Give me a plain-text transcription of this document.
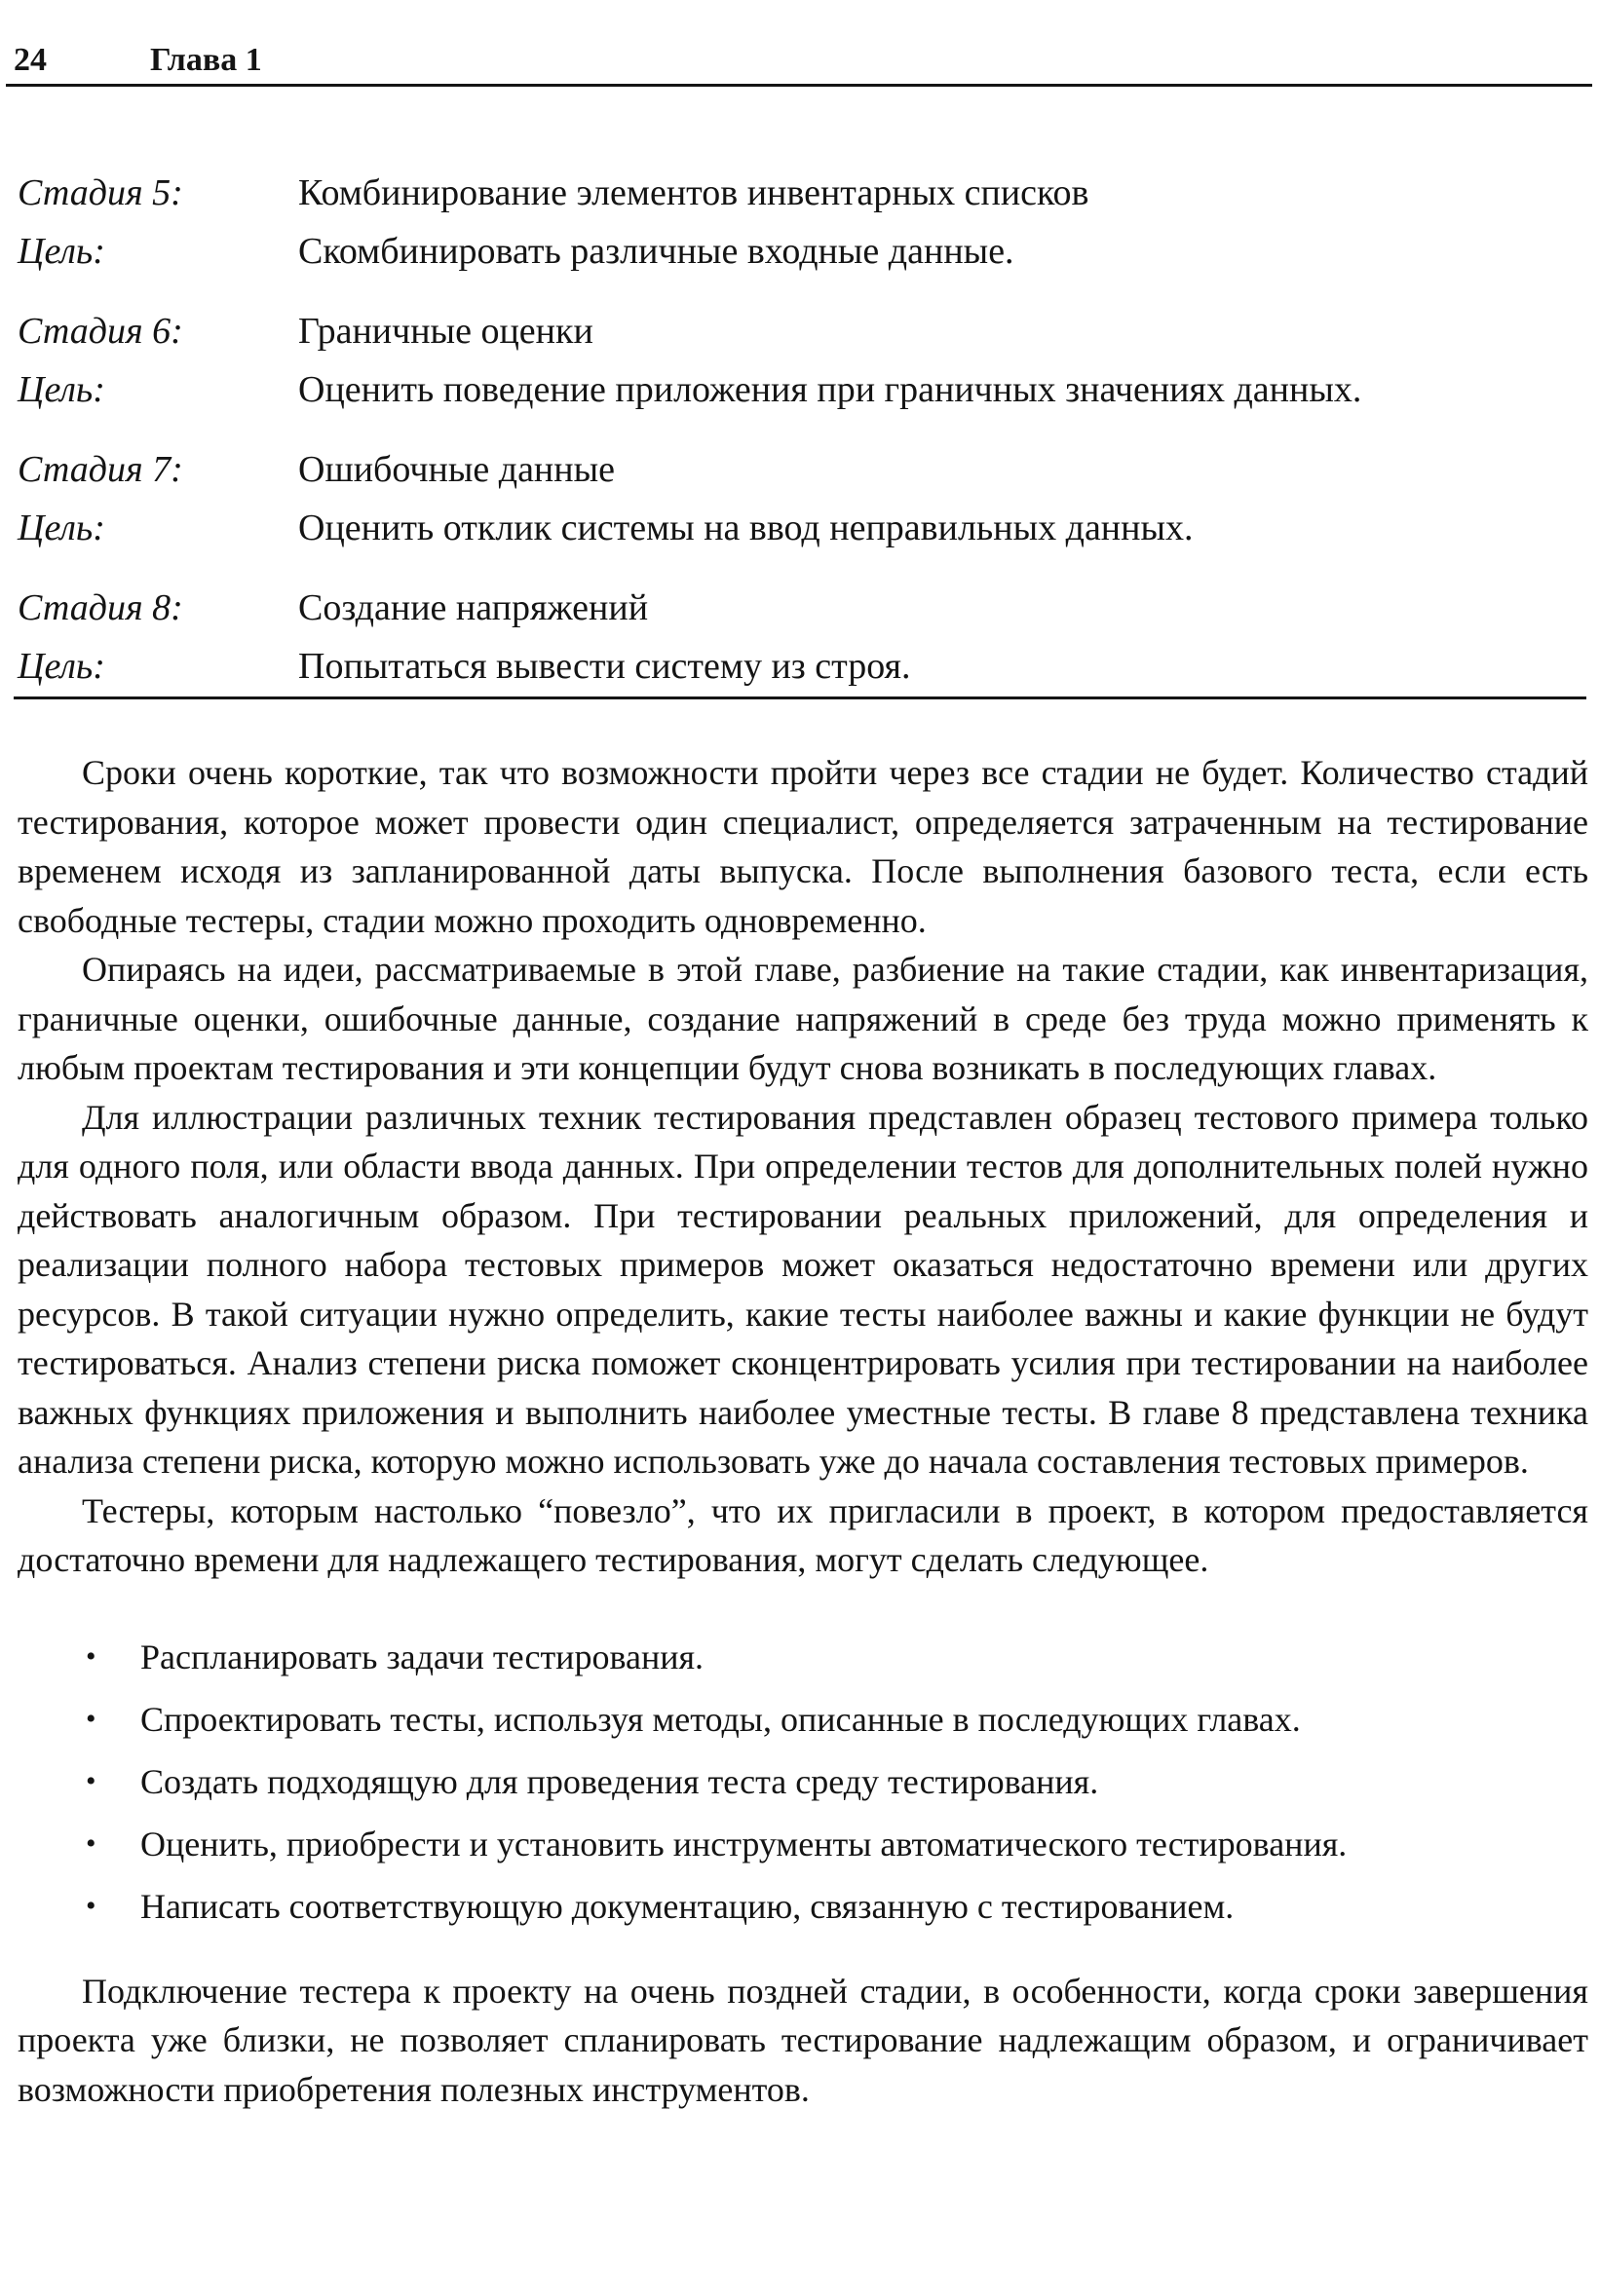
24	Глава 1
Стадия 5:	Комбинирование элементов инвентарных списков
Цель:	Скомбинировать различные входные данные.
Стадия 6:	Граничные оценки
Цель:	Оценить поведение приложения при граничных значениях данных.
Стадия 7:	Ошибочные данные
Цель:	Оценить отклик системы на ввод неправильных данных.
Стадия 8:	Создание напряжений
Цель:	Попытаться вывести систему из строя.

Сроки очень короткие, так что возможности пройти через все стадии не будет. Количество стадий тестирования, которое может провести один специалист, определяется затраченным на тестирование временем исходя из запланированной даты выпуска. После выполнения базового теста, если есть свободные тестеры, стадии можно проходить одновременно.

Опираясь на идеи, рассматриваемые в этой главе, разбиение на такие стадии, как инвентаризация, граничные оценки, ошибочные данные, создание напряжений в среде без труда можно применять к любым проектам тестирования и эти концепции будут снова возникать в последующих главах.

Для иллюстрации различных техник тестирования представлен образец тестового примера только для одного поля, или области ввода данных. При определении тестов для дополнительных полей нужно действовать аналогичным образом. При тестировании реальных приложений, для определения и реализации полного набора тестовых примеров может оказаться недостаточно времени или других ресурсов. В такой ситуации нужно определить, какие тесты наиболее важны и какие функции не будут тестироваться. Анализ степени риска поможет сконцентрировать усилия при тестировании на наиболее важных функциях приложения и выполнить наиболее уместные тесты. В главе 8 представлена техника анализа степени риска, которую можно использовать уже до начала составления тестовых примеров.

Тестеры, которым настолько “повезло”, что их пригласили в проект, в котором предоставляется достаточно времени для надлежащего тестирования, могут сделать следующее.

• Распланировать задачи тестирования.
• Спроектировать тесты, используя методы, описанные в последующих главах.
• Создать подходящую для проведения теста среду тестирования.
• Оценить, приобрести и установить инструменты автоматического тестирования.
• Написать соответствующую документацию, связанную с тестированием.

Подключение тестера к проекту на очень поздней стадии, в особенности, когда сроки завершения проекта уже близки, не позволяет спланировать тестирование надлежащим образом, и ограничивает возможности приобретения полезных инструментов.
